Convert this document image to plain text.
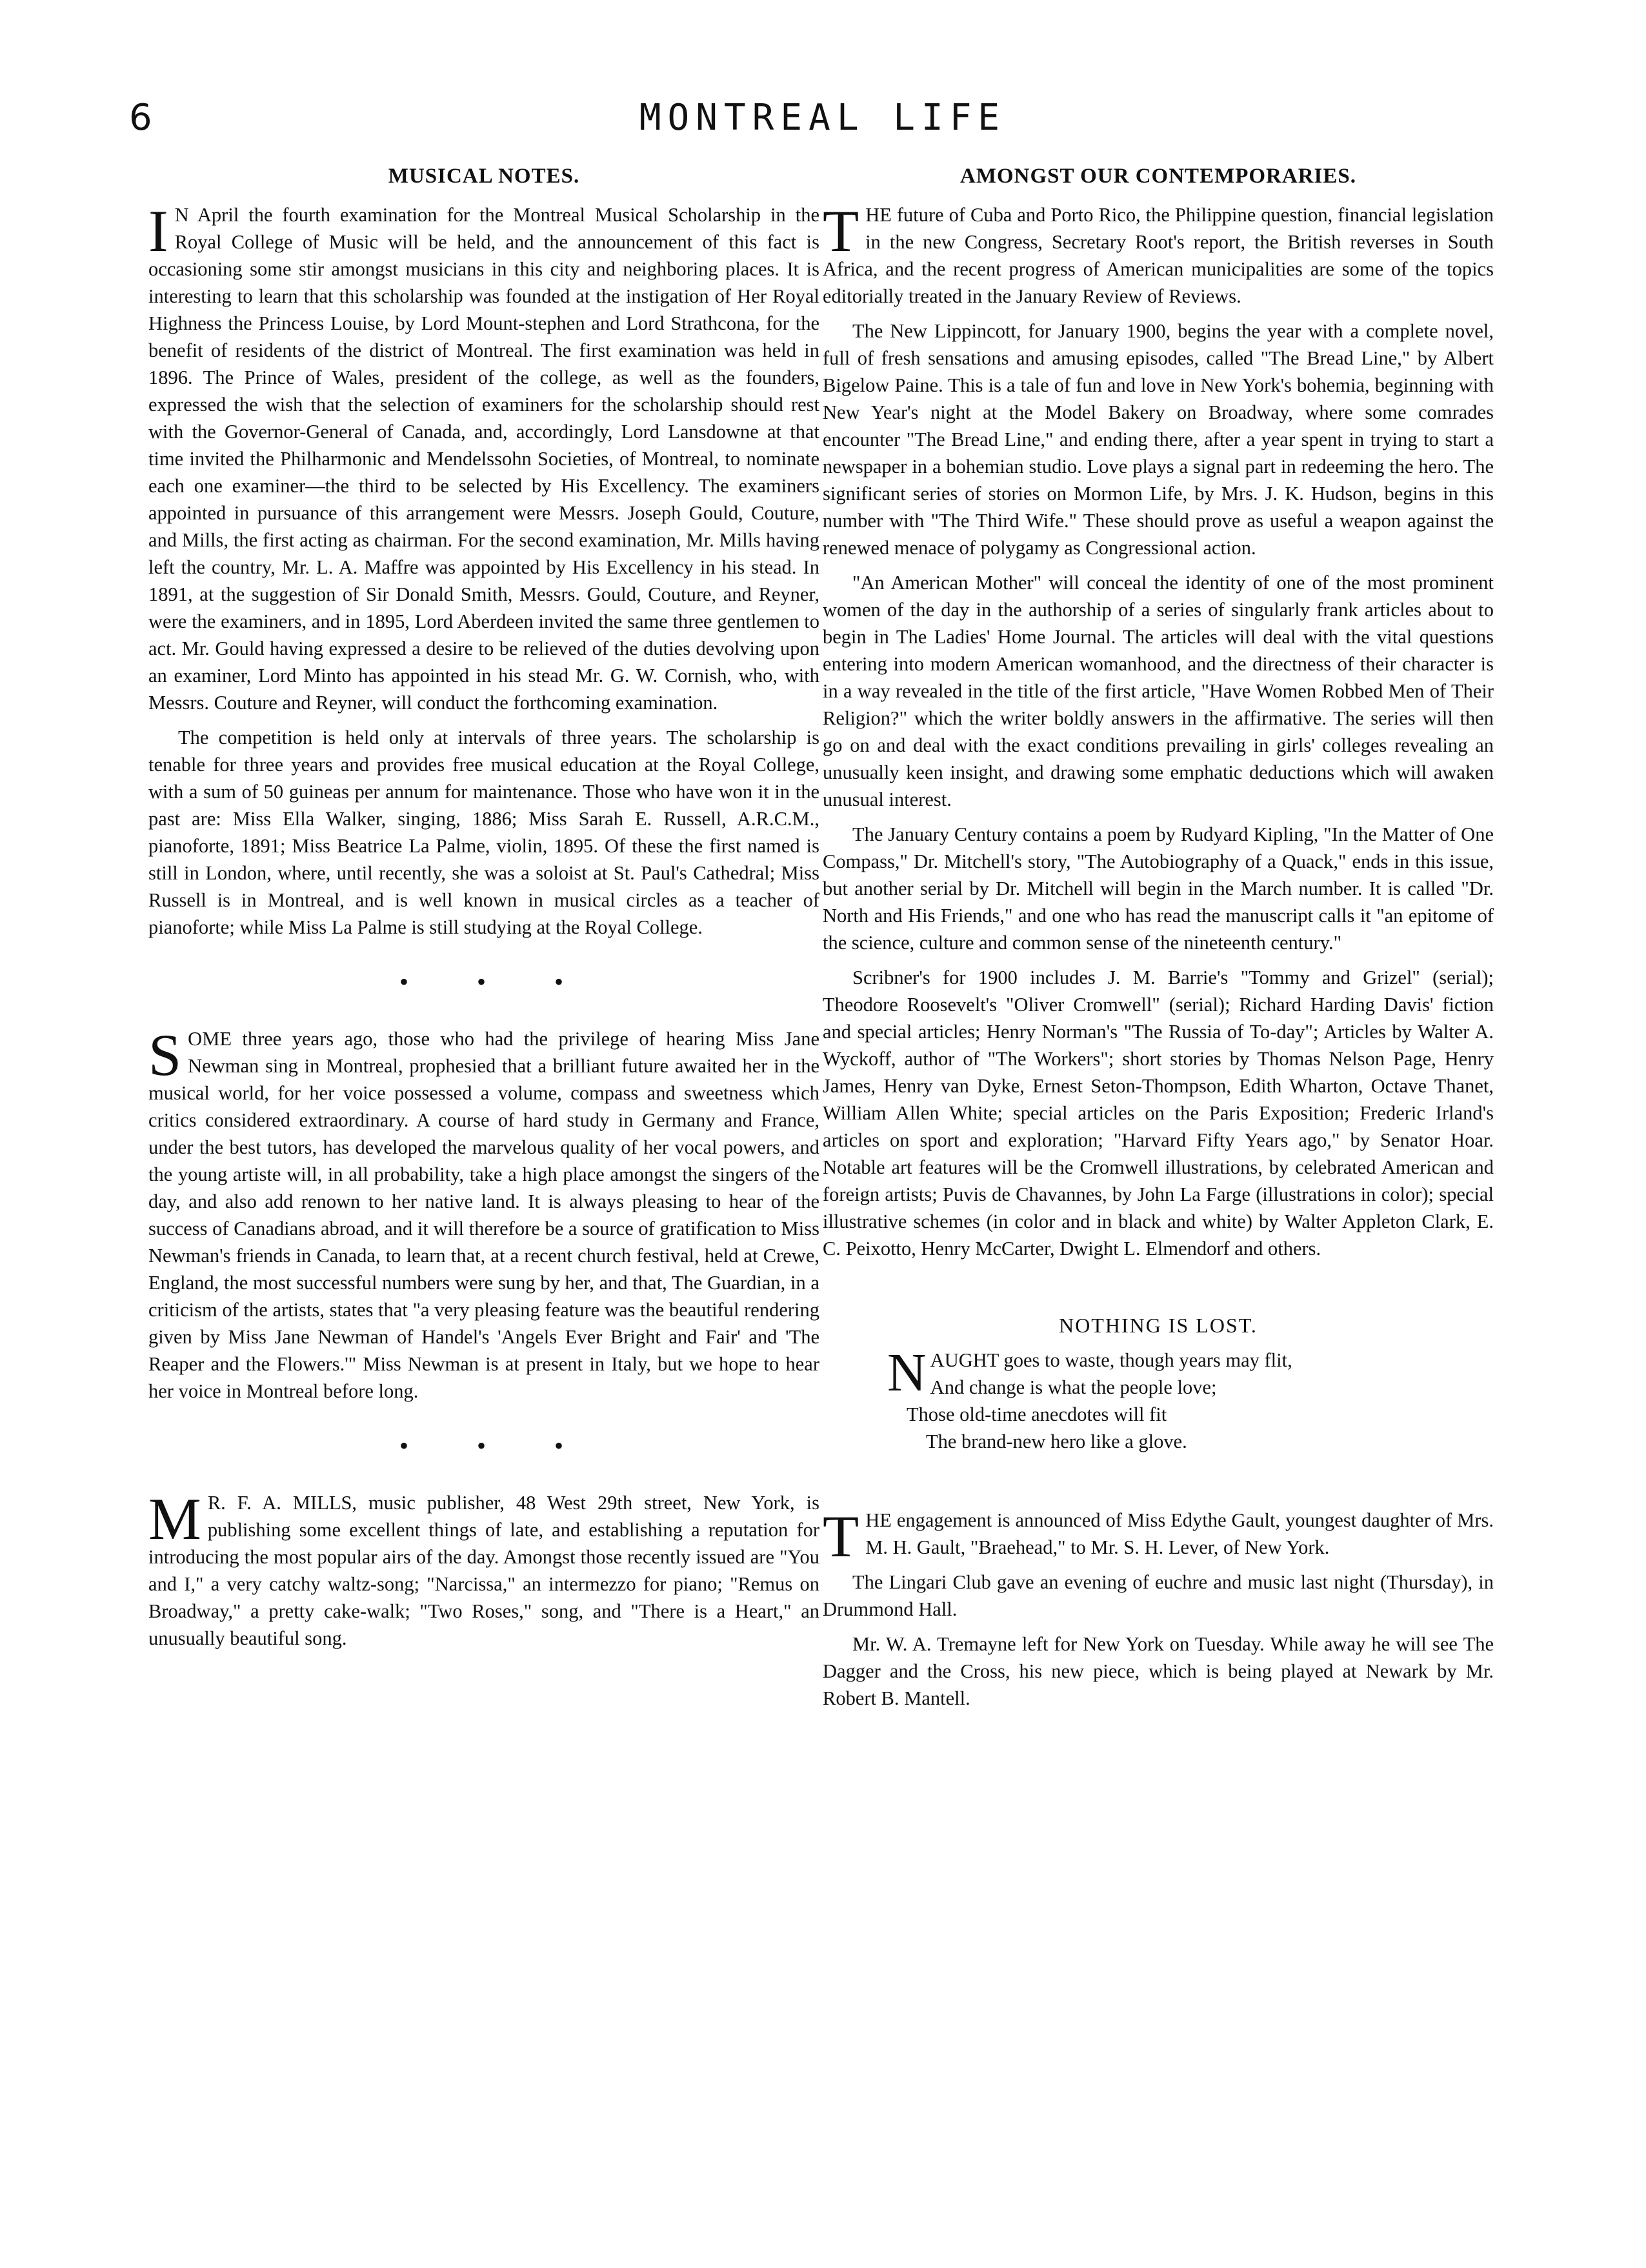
6	MONTREAL LIFE
MUSICAL NOTES.

I N April the fourth examination for the Montreal Musical Scholarship in the Royal College of Music will be held, and the announcement of this fact is occasioning some stir amongst musicians in this city and neighboring places. It is interesting to learn that this scholarship was founded at the instigation of Her Royal Highness the Princess Louise, by Lord Mount-stephen and Lord Strathcona, for the benefit of residents of the district of Montreal. The first examination was held in 1896. The Prince of Wales, president of the college, as well as the founders, expressed the wish that the selection of examiners for the scholarship should rest with the Governor-General of Canada, and, accordingly, Lord Lansdowne at that time invited the Philharmonic and Mendelssohn Societies, of Montreal, to nominate each one examiner—the third to be selected by His Excellency. The examiners appointed in pursuance of this arrangement were Messrs. Joseph Gould, Couture, and Mills, the first acting as chairman. For the second examination, Mr. Mills having left the country, Mr. L. A. Maffre was appointed by His Excellency in his stead. In 1891, at the suggestion of Sir Donald Smith, Messrs. Gould, Couture, and Reyner, were the examiners, and in 1895, Lord Aberdeen invited the same three gentlemen to act. Mr. Gould having expressed a desire to be relieved of the duties devolving upon an examiner, Lord Minto has appointed in his stead Mr. G. W. Cornish, who, with Messrs. Couture and Reyner, will conduct the forthcoming examination.

The competition is held only at intervals of three years. The scholarship is tenable for three years and provides free musical education at the Royal College, with a sum of 50 guineas per annum for maintenance. Those who have won it in the past are: Miss Ella Walker, singing, 1886; Miss Sarah E. Russell, A.R.C.M., pianoforte, 1891; Miss Beatrice La Palme, violin, 1895. Of these the first named is still in London, where, until recently, she was a soloist at St. Paul's Cathedral; Miss Russell is in Montreal, and is well known in musical circles as a teacher of pianoforte; while Miss La Palme is still studying at the Royal College.

• • •

SOME three years ago, those who had the privilege of hearing Miss Jane Newman sing in Montreal, prophesied that a brilliant future awaited her in the musical world, for her voice possessed a volume, compass and sweetness which critics considered extraordinary. A course of hard study in Germany and France, under the best tutors, has developed the marvelous quality of her vocal powers, and the young artiste will, in all probability, take a high place amongst the singers of the day, and also add renown to her native land. It is always pleasing to hear of the success of Canadians abroad, and it will therefore be a source of gratification to Miss Newman's friends in Canada, to learn that, at a recent church festival, held at Crewe, England, the most successful numbers were sung by her, and that, The Guardian, in a criticism of the artists, states that "a very pleasing feature was the beautiful rendering given by Miss Jane Newman of Handel's 'Angels Ever Bright and Fair' and 'The Reaper and the Flowers.'" Miss Newman is at present in Italy, but we hope to hear her voice in Montreal before long.

• • •

M R. F. A. MILLS, music publisher, 48 West 29th street, New York, is publishing some excellent things of late, and establishing a reputation for introducing the most popular airs of the day. Amongst those recently issued are "You and I," a very catchy waltz-song; "Narcissa," an intermezzo for piano; "Remus on Broadway," a pretty cake-walk; "Two Roses," song, and "There is a Heart," an unusually beautiful song.

AMONGST OUR CONTEMPORARIES.

THE future of Cuba and Porto Rico, the Philippine question, financial legislation in the new Congress, Secretary Root's report, the British reverses in South Africa, and the recent progress of American municipalities are some of the topics editorially treated in the January Review of Reviews.

The New Lippincott, for January 1900, begins the year with a complete novel, full of fresh sensations and amusing episodes, called "The Bread Line," by Albert Bigelow Paine. This is a tale of fun and love in New York's bohemia, beginning with New Year's night at the Model Bakery on Broadway, where some comrades encounter "The Bread Line," and ending there, after a year spent in trying to start a newspaper in a bohemian studio. Love plays a signal part in redeeming the hero. The significant series of stories on Mormon Life, by Mrs. J. K. Hudson, begins in this number with "The Third Wife." These should prove as useful a weapon against the renewed menace of polygamy as Congressional action.

"An American Mother" will conceal the identity of one of the most prominent women of the day in the authorship of a series of singularly frank articles about to begin in The Ladies' Home Journal. The articles will deal with the vital questions entering into modern American womanhood, and the directness of their character is in a way revealed in the title of the first article, "Have Women Robbed Men of Their Religion?" which the writer boldly answers in the affirmative. The series will then go on and deal with the exact conditions prevailing in girls' colleges revealing an unusually keen insight, and drawing some emphatic deductions which will awaken unusual interest.

The January Century contains a poem by Rudyard Kipling, "In the Matter of One Compass," Dr. Mitchell's story, "The Autobiography of a Quack," ends in this issue, but another serial by Dr. Mitchell will begin in the March number. It is called "Dr. North and His Friends," and one who has read the manuscript calls it "an epitome of the science, culture and common sense of the nineteenth century."

Scribner's for 1900 includes J. M. Barrie's "Tommy and Grizel" (serial); Theodore Roosevelt's "Oliver Cromwell" (serial); Richard Harding Davis' fiction and special articles; Henry Norman's "The Russia of To-day"; Articles by Walter A. Wyckoff, author of "The Workers"; short stories by Thomas Nelson Page, Henry James, Henry van Dyke, Ernest Seton-Thompson, Edith Wharton, Octave Thanet, William Allen White; special articles on the Paris Exposition; Frederic Irland's articles on sport and exploration; "Harvard Fifty Years ago," by Senator Hoar. Notable art features will be the Cromwell illustrations, by celebrated American and foreign artists; Puvis de Chavannes, by John La Farge (illustrations in color); special illustrative schemes (in color and in black and white) by Walter Appleton Clark, E. C. Peixotto, Henry McCarter, Dwight L. Elmendorf and others.

NOTHING IS LOST.
NAUGHT goes to waste, though years may flit,
And change is what the people love;
Those old-time anecdotes will fit
The brand-new hero like a glove.

THE engagement is announced of Miss Edythe Gault, youngest daughter of Mrs. M. H. Gault, "Braehead," to Mr. S. H. Lever, of New York.

The Lingari Club gave an evening of euchre and music last night (Thursday), in Drummond Hall.

Mr. W. A. Tremayne left for New York on Tuesday. While away he will see The Dagger and the Cross, his new piece, which is being played at Newark by Mr. Robert B. Mantell.
